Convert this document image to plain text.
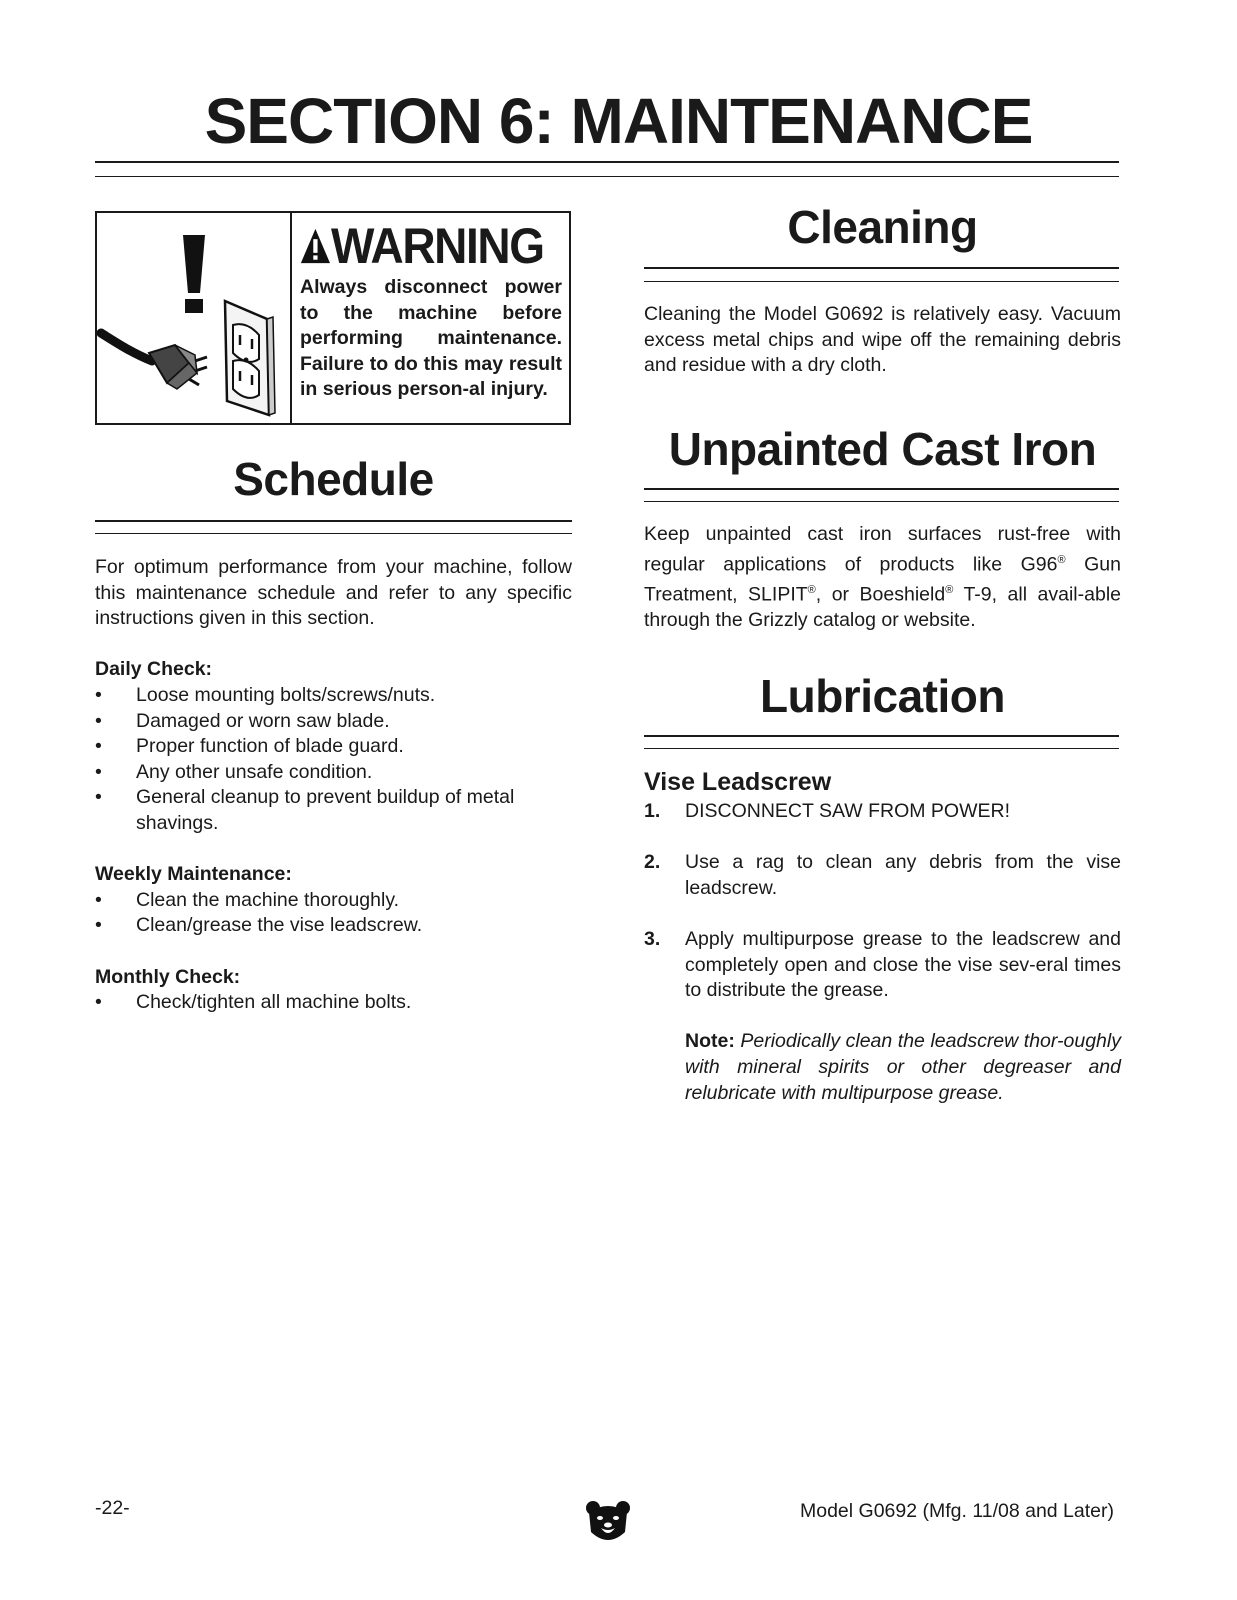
SECTION 6: MAINTENANCE
WARNING

Always disconnect power to the machine before performing maintenance. Failure to do this may result in serious person-al injury.

Schedule

For optimum performance from your machine, follow this maintenance schedule and refer to any specific instructions given in this section.

Daily Check:

• Loose mounting bolts/screws/nuts.
• Damaged or worn saw blade.
• Proper function of blade guard.
• Any other unsafe condition.
• General cleanup to prevent buildup of metal shavings.

Weekly Maintenance:

• Clean the machine thoroughly.
• Clean/grease the vise leadscrew.

Monthly Check:

• Check/tighten all machine bolts.
Cleaning

Cleaning the Model G0692 is relatively easy. Vacuum excess metal chips and wipe off the remaining debris and residue with a dry cloth.

Unpainted Cast Iron

Keep unpainted cast iron surfaces rust-free with regular applications of products like G96® Gun Treatment, SLIPIT®, or Boeshield® T-9, all avail-able through the Grizzly catalog or website.

Lubrication

Vise Leadscrew

1. DISCONNECT SAW FROM POWER!
2. Use a rag to clean any debris from the vise leadscrew.
3. Apply multipurpose grease to the leadscrew and completely open and close the vise sev-eral times to distribute the grease.

Note: Periodically clean the leadscrew thor-oughly with mineral spirits or other degreaser and relubricate with multipurpose grease.

-22-	Model G0692 (Mfg. 11/08 and Later)
